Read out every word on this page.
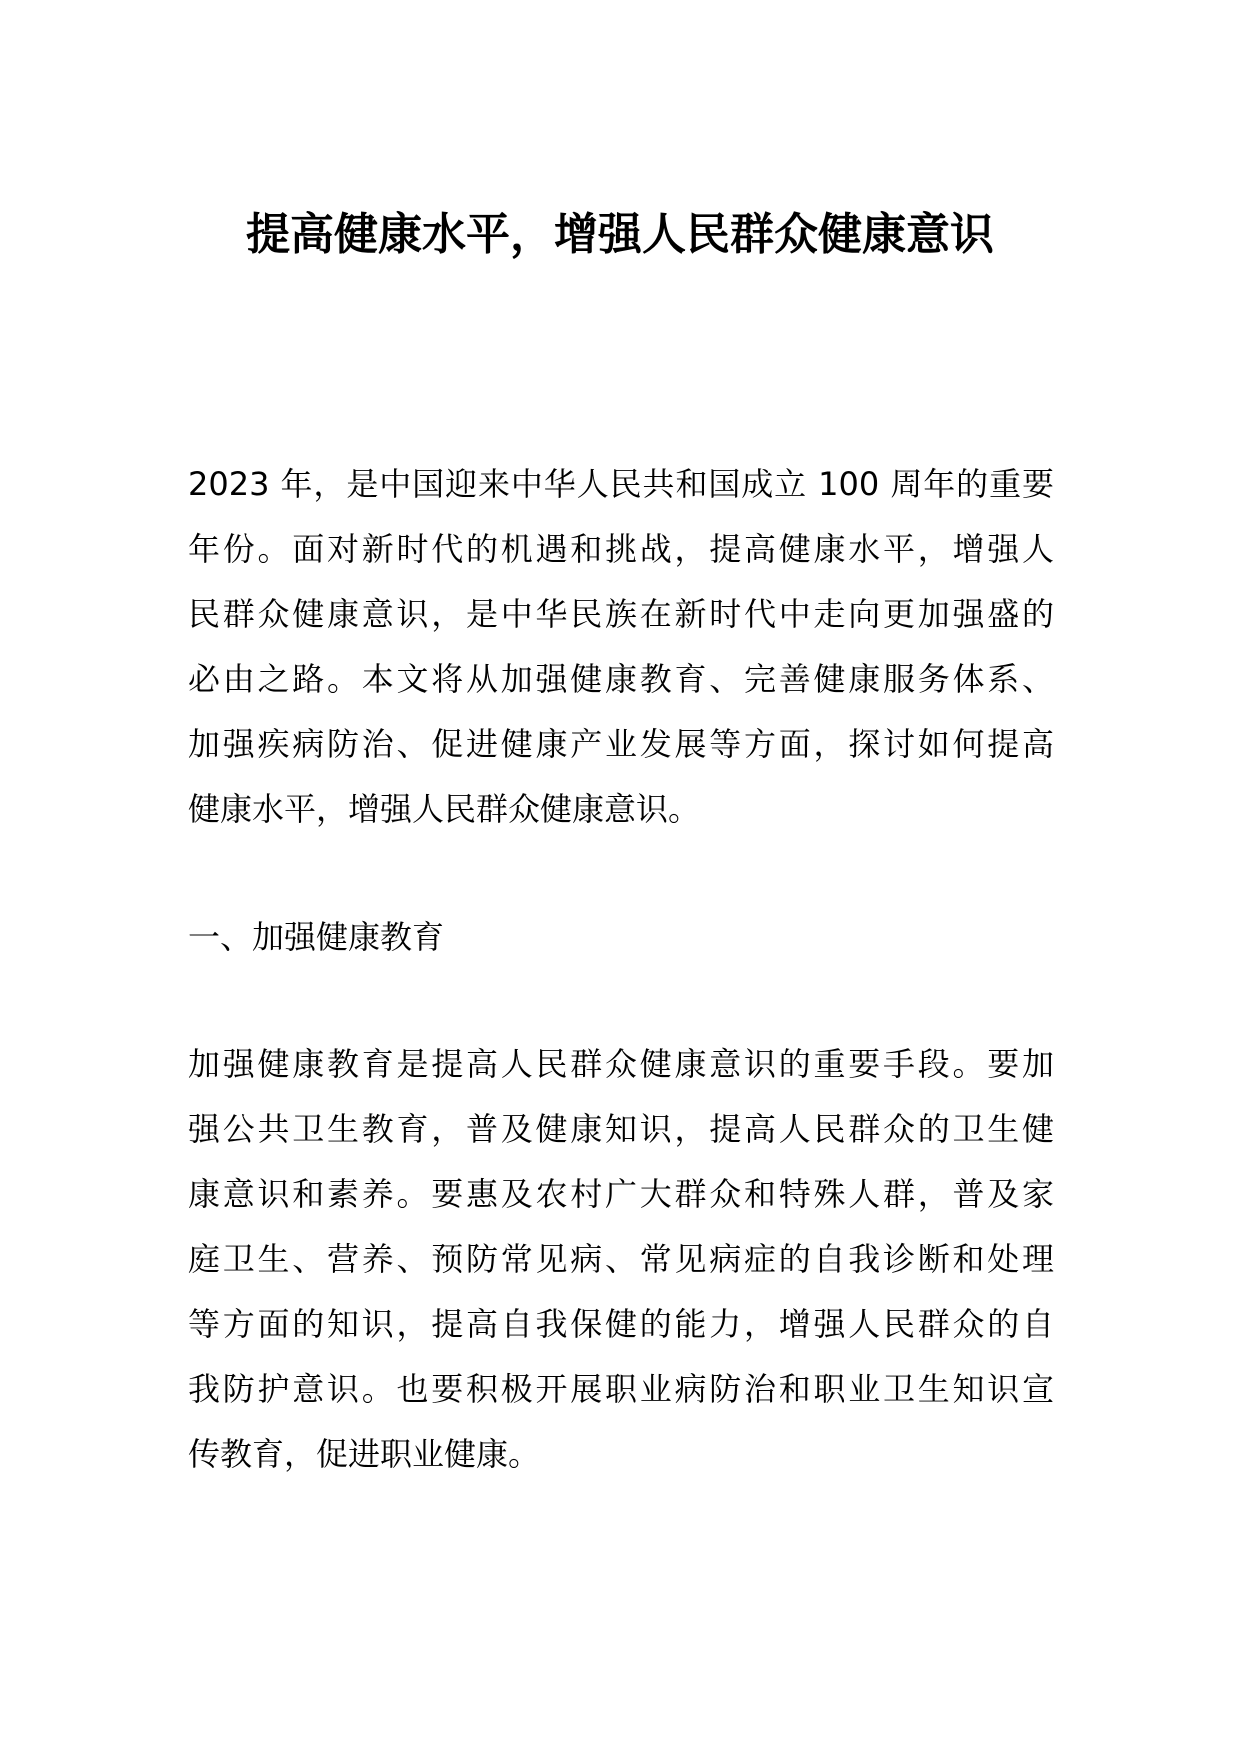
提高健康水平，增强人民群众健康意识
2023 年，是中国迎来中华人民共和国成立 100 周年的重要
年份。面对新时代的机遇和挑战，提高健康水平，增强人
民群众健康意识，是中华民族在新时代中走向更加强盛的
必由之路。本文将从加强健康教育、完善健康服务体系、
加强疾病防治、促进健康产业发展等方面，探讨如何提高
健康水平，增强人民群众健康意识。
一、加强健康教育
加强健康教育是提高人民群众健康意识的重要手段。要加
强公共卫生教育，普及健康知识，提高人民群众的卫生健
康意识和素养。要惠及农村广大群众和特殊人群，普及家
庭卫生、营养、预防常见病、常见病症的自我诊断和处理
等方面的知识，提高自我保健的能力，增强人民群众的自
我防护意识。也要积极开展职业病防治和职业卫生知识宣
传教育，促进职业健康。
